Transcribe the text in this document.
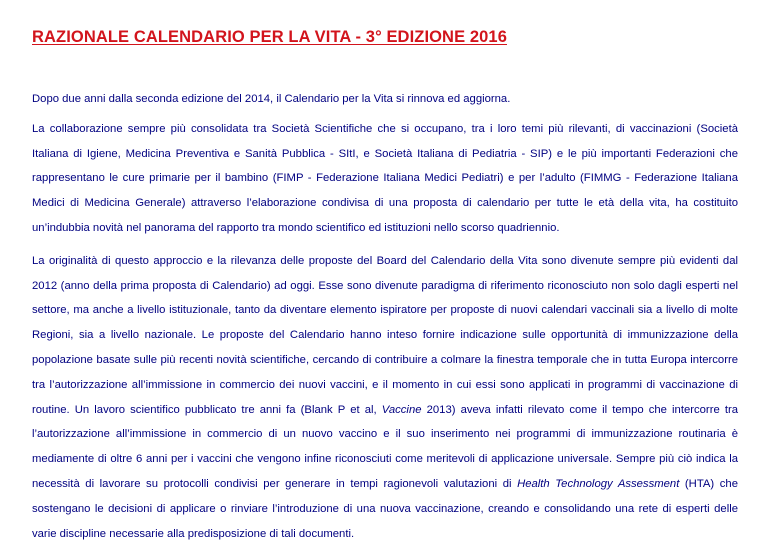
RAZIONALE CALENDARIO PER LA VITA - 3° EDIZIONE 2016

Dopo due anni dalla seconda edizione del 2014, il Calendario per la Vita si rinnova ed aggiorna.

La collaborazione sempre più consolidata tra Società Scientifiche che si occupano, tra i loro temi più rilevanti, di vaccinazioni (Società Italiana di Igiene, Medicina Preventiva e Sanità Pubblica - SItI, e Società Italiana di Pediatria - SIP) e le più importanti Federazioni che rappresentano le cure primarie per il bambino (FIMP - Federazione Italiana Medici Pediatri) e per l’adulto (FIMMG - Federazione Italiana Medici di Medicina Generale) attraverso l’elaborazione condivisa di una proposta di calendario per tutte le età della vita, ha costituito un’indubbia novità nel panorama del rapporto tra mondo scientifico ed istituzioni nello scorso quadriennio.

La originalità di questo approccio e la rilevanza delle proposte del Board del Calendario della Vita sono divenute sempre più evidenti dal 2012 (anno della prima proposta di Calendario) ad oggi. Esse sono divenute paradigma di riferimento riconosciuto non solo dagli esperti nel settore, ma anche a livello istituzionale, tanto da diventare elemento ispiratore per proposte di nuovi calendari vaccinali sia a livello di molte Regioni, sia a livello nazionale. Le proposte del Calendario hanno inteso fornire indicazione sulle opportunità di immunizzazione della popolazione basate sulle più recenti novità scientifiche, cercando di contribuire a colmare la finestra temporale che in tutta Europa intercorre tra l’autorizzazione all’immissione in commercio dei nuovi vaccini, e il momento in cui essi sono applicati in programmi di vaccinazione di routine. Un lavoro scientifico pubblicato tre anni fa (Blank P et al, Vaccine 2013) aveva infatti rilevato come il tempo che intercorre tra l’autorizzazione all’immissione in commercio di un nuovo vaccino e il suo inserimento nei programmi di immunizzazione routinaria è mediamente di oltre 6 anni per i vaccini che vengono infine riconosciuti come meritevoli di applicazione universale. Sempre più ciò indica la necessità di lavorare su protocolli condivisi per generare in tempi ragionevoli valutazioni di Health Technology Assessment (HTA) che sostengano le decisioni di applicare o rinviare l’introduzione di una nuova vaccinazione, creando e consolidando una rete di esperti delle varie discipline necessarie alla predisposizione di tali documenti.
